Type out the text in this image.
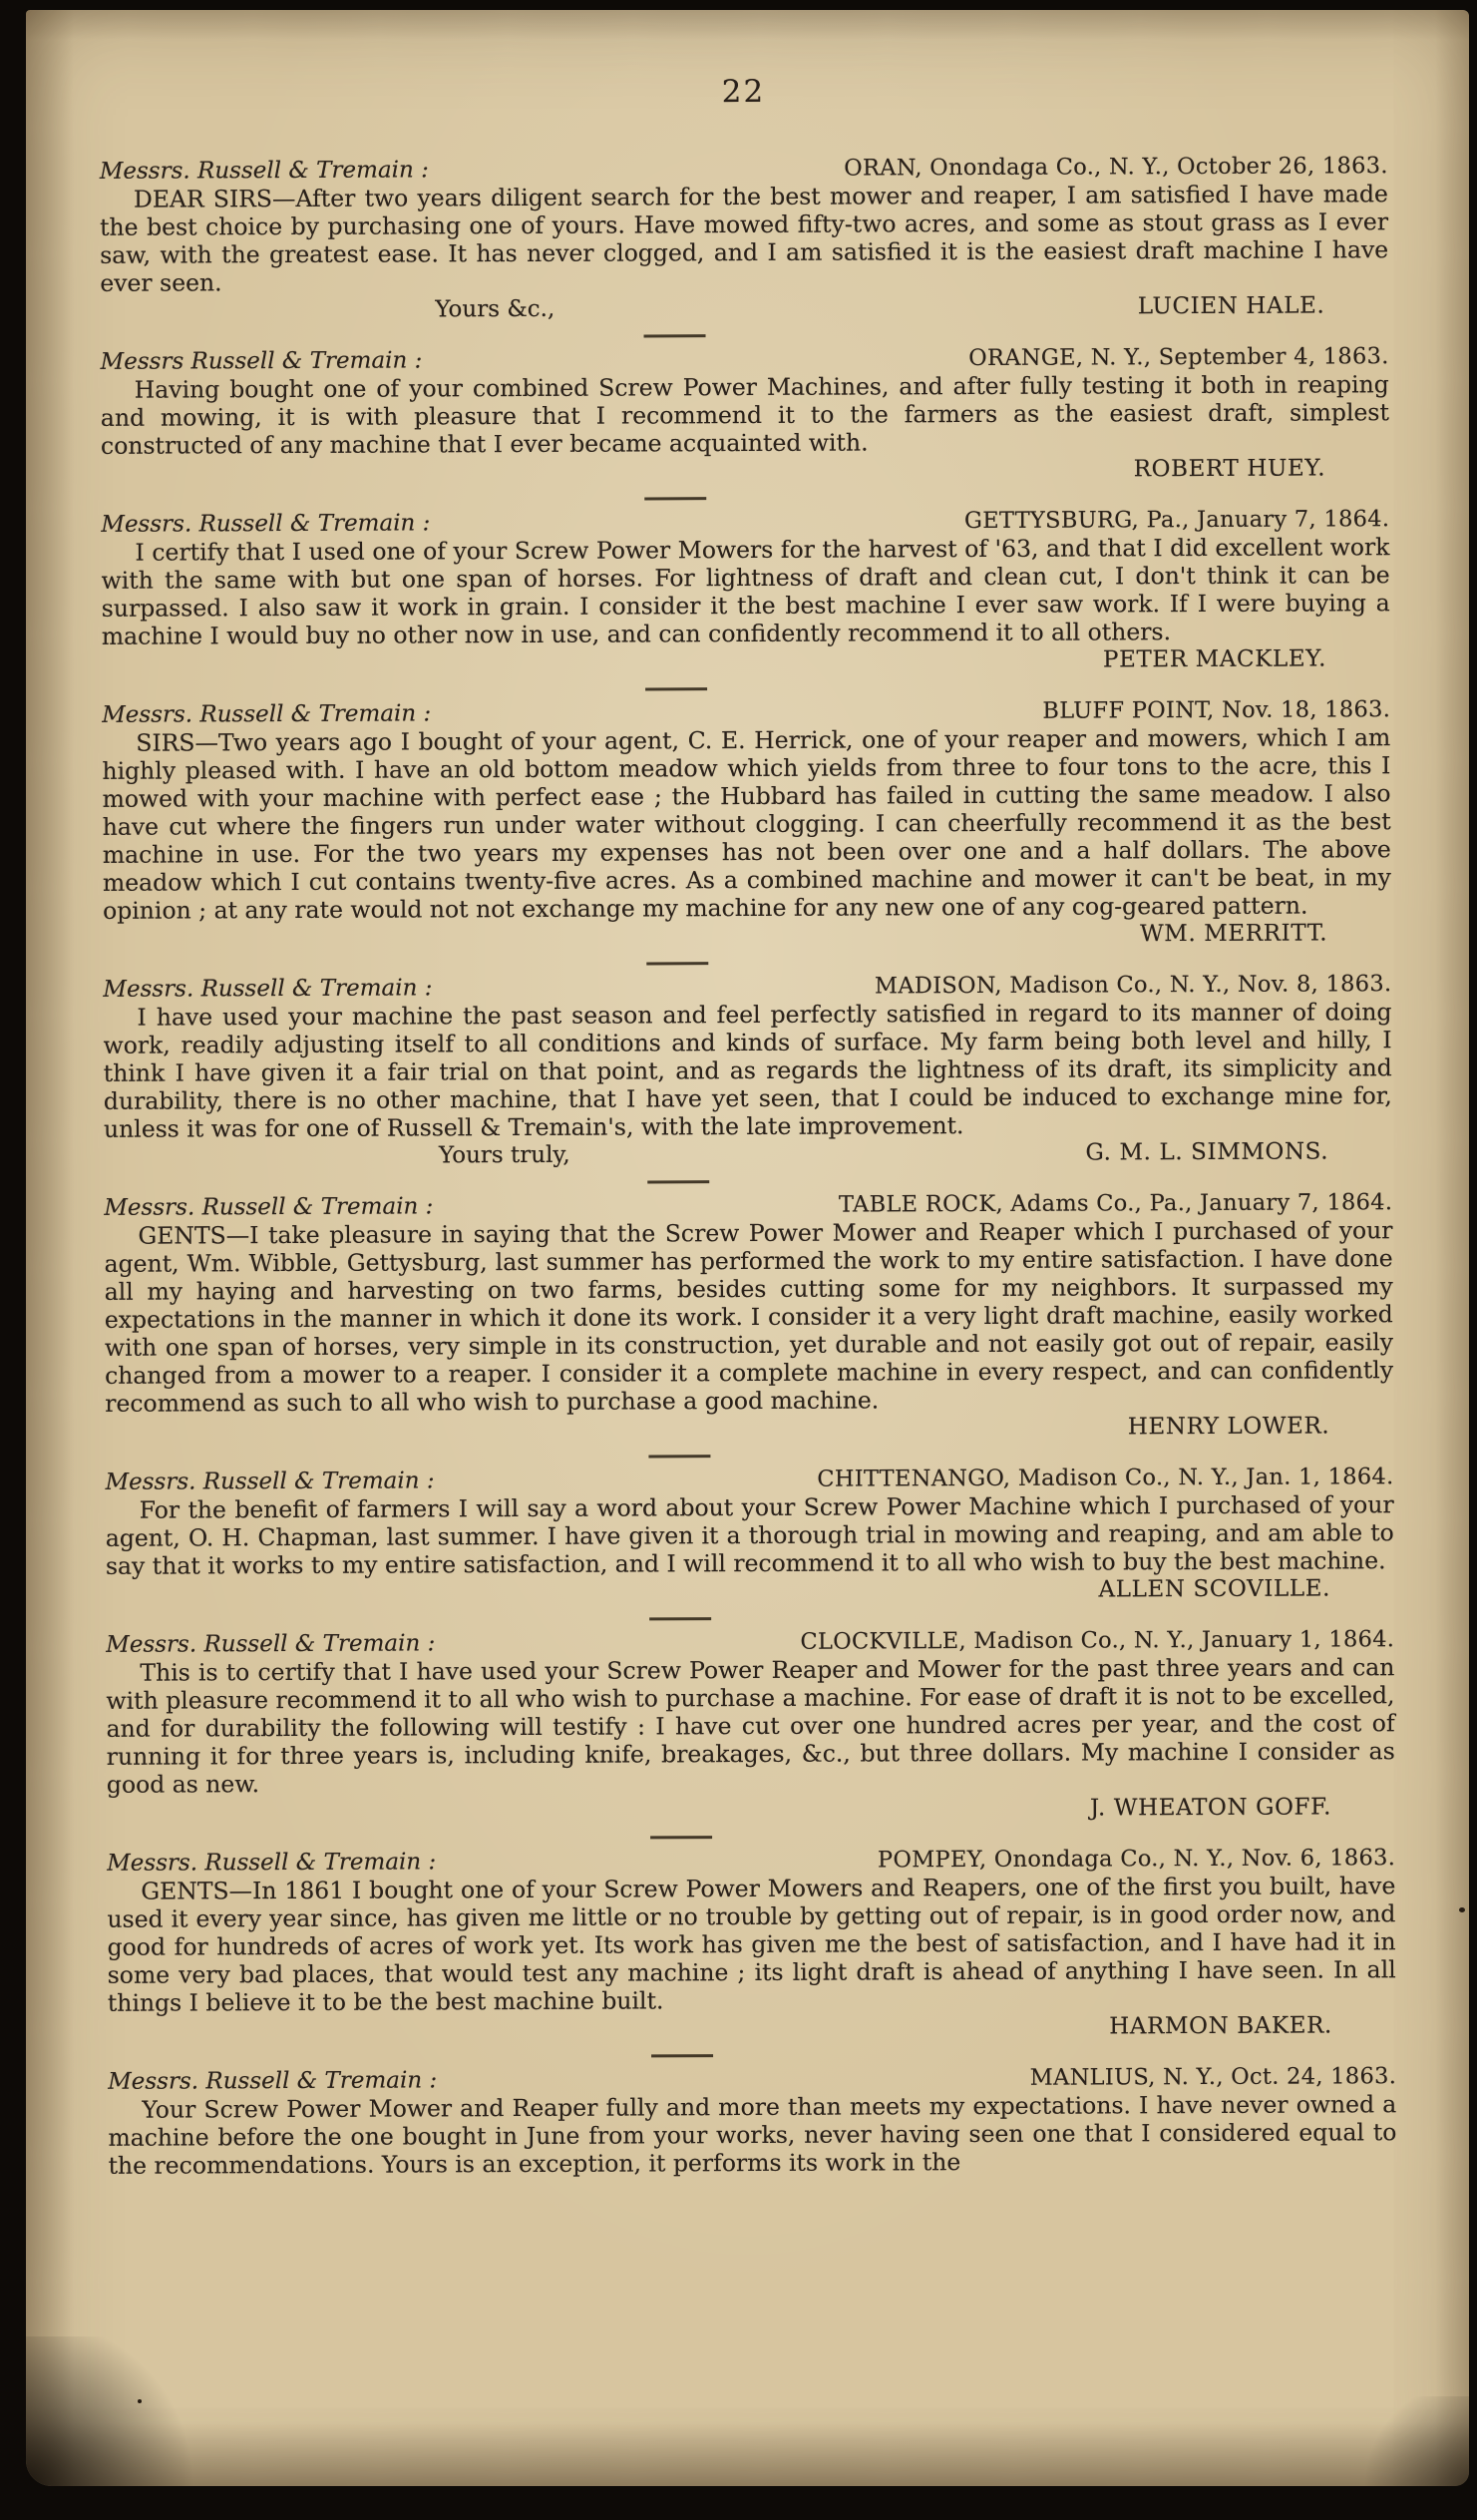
22
Messrs. Russell & Tremain :	ORAN, Onondaga Co., N. Y., October 26, 1863.

DEAR SIRS—After two years diligent search for the best mower and reaper, I am satisfied I have made the best choice by purchasing one of yours. Have mowed fifty-two acres, and some as stout grass as I ever saw, with the greatest ease. It has never clogged, and I am satisfied it is the easiest draft machine I have ever seen.

Yours &c.,	LUCIEN HALE.
Messrs Russell & Tremain :	ORANGE, N. Y., September 4, 1863.

Having bought one of your combined Screw Power Machines, and after fully testing it both in reaping and mowing, it is with pleasure that I recommend it to the farmers as the easiest draft, simplest constructed of any machine that I ever became acquainted with.

ROBERT HUEY.
Messrs. Russell & Tremain :	GETTYSBURG, Pa., January 7, 1864.

I certify that I used one of your Screw Power Mowers for the harvest of '63, and that I did excellent work with the same with but one span of horses. For lightness of draft and clean cut, I don't think it can be surpassed. I also saw it work in grain. I consider it the best machine I ever saw work. If I were buying a machine I would buy no other now in use, and can confidently recommend it to all others.

PETER MACKLEY.
Messrs. Russell & Tremain :	BLUFF POINT, Nov. 18, 1863.

SIRS—Two years ago I bought of your agent, C. E. Herrick, one of your reaper and mowers, which I am highly pleased with. I have an old bottom meadow which yields from three to four tons to the acre, this I mowed with your machine with perfect ease ; the Hubbard has failed in cutting the same meadow. I also have cut where the fingers run under water without clogging. I can cheerfully recommend it as the best machine in use. For the two years my expenses has not been over one and a half dollars. The above meadow which I cut contains twenty-five acres. As a combined machine and mower it can't be beat, in my opinion ; at any rate would not not exchange my machine for any new one of any cog-geared pattern.

WM. MERRITT.
Messrs. Russell & Tremain :	MADISON, Madison Co., N. Y., Nov. 8, 1863.

I have used your machine the past season and feel perfectly satisfied in regard to its manner of doing work, readily adjusting itself to all conditions and kinds of surface. My farm being both level and hilly, I think I have given it a fair trial on that point, and as regards the lightness of its draft, its simplicity and durability, there is no other machine, that I have yet seen, that I could be induced to exchange mine for, unless it was for one of Russell & Tremain's, with the late improvement.

Yours truly,	G. M. L. SIMMONS.
Messrs. Russell & Tremain :	TABLE ROCK, Adams Co., Pa., January 7, 1864.

GENTS—I take pleasure in saying that the Screw Power Mower and Reaper which I purchased of your agent, Wm. Wibble, Gettysburg, last summer has performed the work to my entire satisfaction. I have done all my haying and harvesting on two farms, besides cutting some for my neighbors. It surpassed my expectations in the manner in which it done its work. I consider it a very light draft machine, easily worked with one span of horses, very simple in its construction, yet durable and not easily got out of repair, easily changed from a mower to a reaper. I consider it a complete machine in every respect, and can confidently recommend as such to all who wish to purchase a good machine.

HENRY LOWER.
Messrs. Russell & Tremain :	CHITTENANGO, Madison Co., N. Y., Jan. 1, 1864.

For the benefit of farmers I will say a word about your Screw Power Machine which I purchased of your agent, O. H. Chapman, last summer. I have given it a thorough trial in mowing and reaping, and am able to say that it works to my entire satisfaction, and I will recommend it to all who wish to buy the best machine.

ALLEN SCOVILLE.
Messrs. Russell & Tremain :	CLOCKVILLE, Madison Co., N. Y., January 1, 1864.

This is to certify that I have used your Screw Power Reaper and Mower for the past three years and can with pleasure recommend it to all who wish to purchase a machine. For ease of draft it is not to be excelled, and for durability the following will testify : I have cut over one hundred acres per year, and the cost of running it for three years is, including knife, breakages, &c., but three dollars. My machine I consider as good as new.

J. WHEATON GOFF.
Messrs. Russell & Tremain :	POMPEY, Onondaga Co., N. Y., Nov. 6, 1863.

GENTS—In 1861 I bought one of your Screw Power Mowers and Reapers, one of the first you built, have used it every year since, has given me little or no trouble by getting out of repair, is in good order now, and good for hundreds of acres of work yet. Its work has given me the best of satisfaction, and I have had it in some very bad places, that would test any machine ; its light draft is ahead of anything I have seen. In all things I believe it to be the best machine built.

HARMON BAKER.
Messrs. Russell & Tremain :	MANLIUS, N. Y., Oct. 24, 1863.

Your Screw Power Mower and Reaper fully and more than meets my expectations. I have never owned a machine before the one bought in June from your works, never having seen one that I considered equal to the recommendations. Yours is an exception, it performs its work in the
